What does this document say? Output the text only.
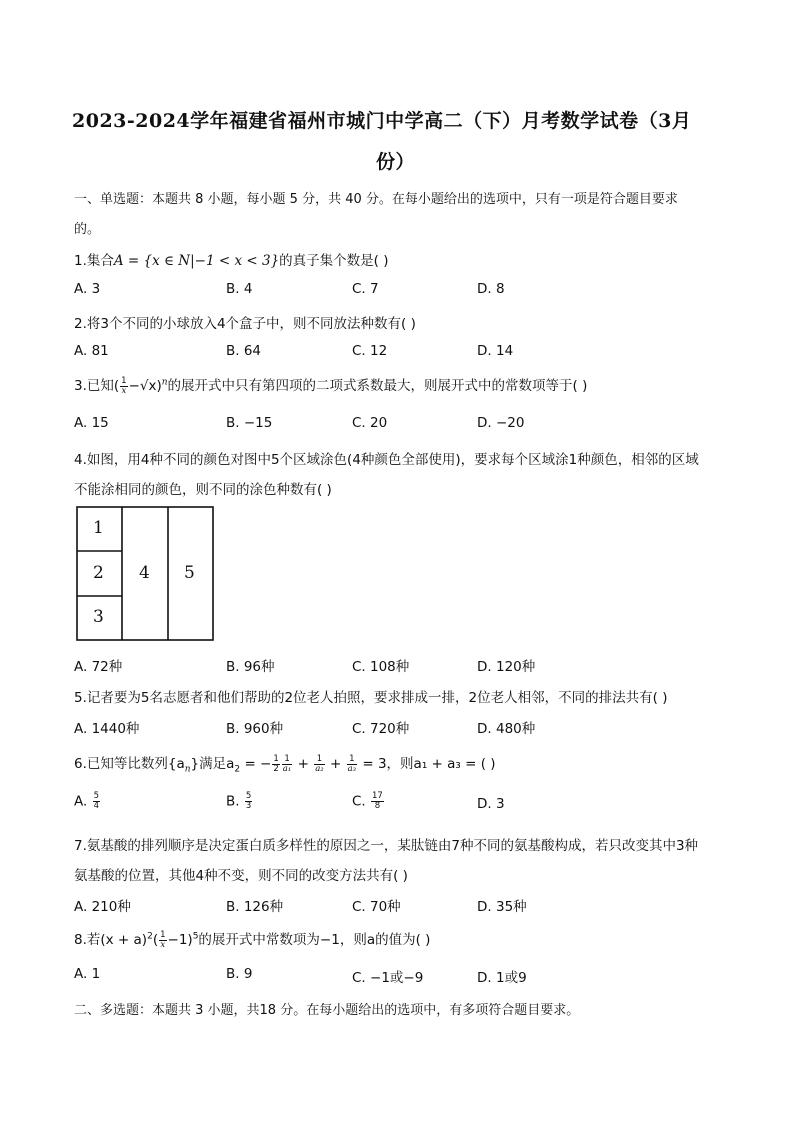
2023-2024学年福建省福州市城门中学高二（下）月考数学试卷（3月
份）
一、单选题：本题共 8 小题，每小题 5 分，共 40 分。在每小题给出的选项中，只有一项是符合题目要求
的。
1.集合A = {x ∈ N|−1 < x < 3}的真子集个数是( )
A. 3	B. 4	C. 7	D. 8
2.将3个不同的小球放入4个盒子中，则不同放法种数有( )
A. 81	B. 64	C. 12	D. 14
3.已知( $\frac{1}{x} -√x)^n$的展开式中只有第四项的二项式系数最大，则展开式中的常数项等于( )
A. 15	B. −15	C. 20	D. −20
4.如图，用4种不同的颜色对图中5个区域涂色(4种颜色全部使用)，要求每个区域涂1种颜色，相邻的区域
不能涂相同的颜色，则不同的涂色种数有( )
1
2
3
4 5
A. 72种	B. 96种	C. 108种	D. 120种
5.记者要为5名志愿者和他们帮助的2位老人拍照，要求排成一排，2位老人相邻，不同的排法共有( )
A. 1440种	B. 960种	C. 720种	D. 480种
6.已知等比数列$\{a_n\}$满足$a_2$ = − $\frac{1}{2} \frac{1}{\text{a₁}} + \frac{1}{\text{a₂}} + \frac{1}{\text{a₃}} = 3$，则a₁ + a₃ = ( )
A. $\frac{5}{4}$	B. $\frac{5}{3}$	C. $\frac{17}{8}$	D. 3
7.氨基酸的排列顺序是决定蛋白质多样性的原因之一，某肽链由7种不同的氨基酸构成，若只改变其中3种
氨基酸的位置，其他4种不变，则不同的改变方法共有( )
A. 210种	B. 126种	C. 70种	D. 35种
8.若$(x + a)^2( \frac{1}{x} -1)^5$的展开式中常数项为−1，则a的值为( )
A. 1	B. 9	C. −1或−9	D. 1或9
二、多选题：本题共 3 小题，共18 分。在每小题给出的选项中，有多项符合题目要求。
